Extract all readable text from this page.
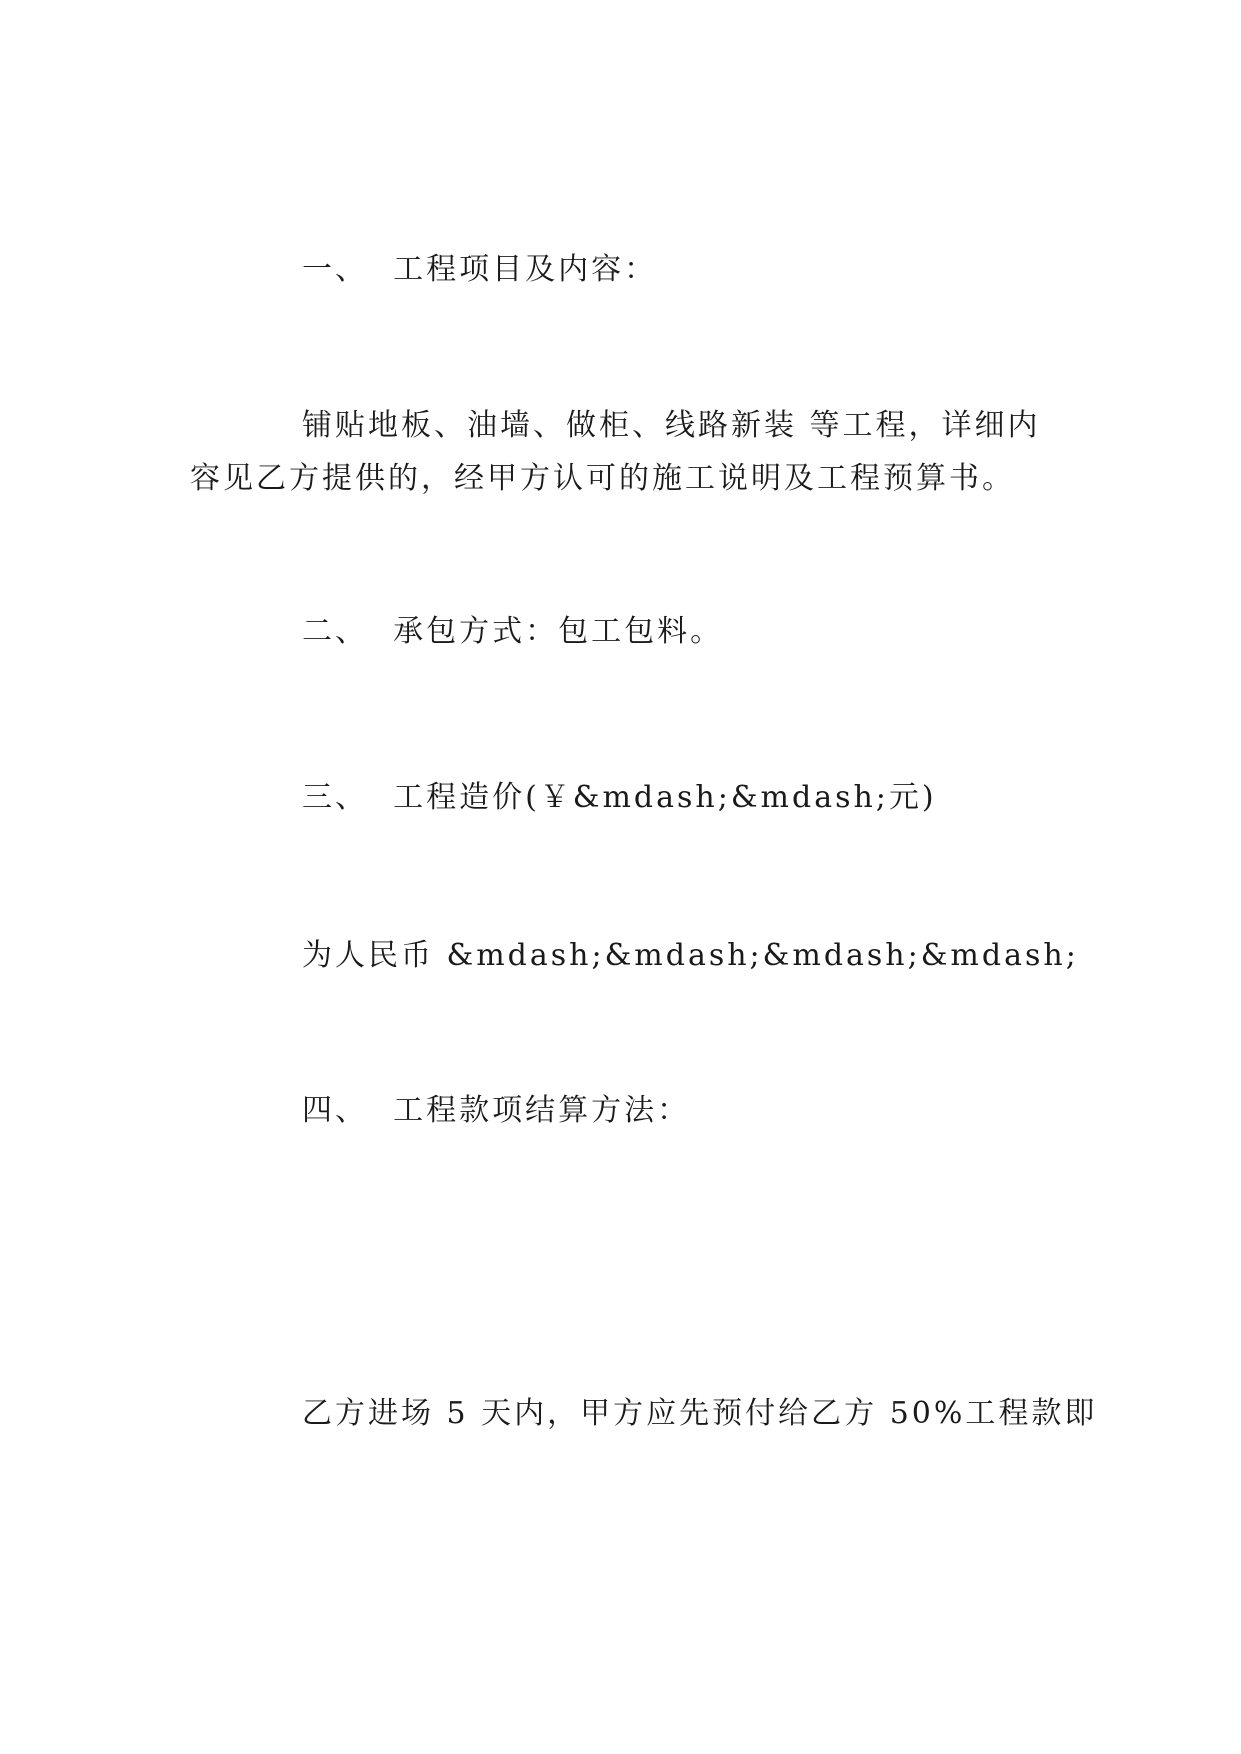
一、  工程项目及内容：
铺贴地板、油墙、做柜、线路新装 等工程，详细内
容见乙方提供的，经甲方认可的施工说明及工程预算书。
二、  承包方式：包工包料。
三、  工程造价(￥&mdash;&mdash;元)
为人民币 &mdash;&mdash;&mdash;&mdash;
四、  工程款项结算方法：
乙方进场 5 天内，甲方应先预付给乙方 50%工程款即
